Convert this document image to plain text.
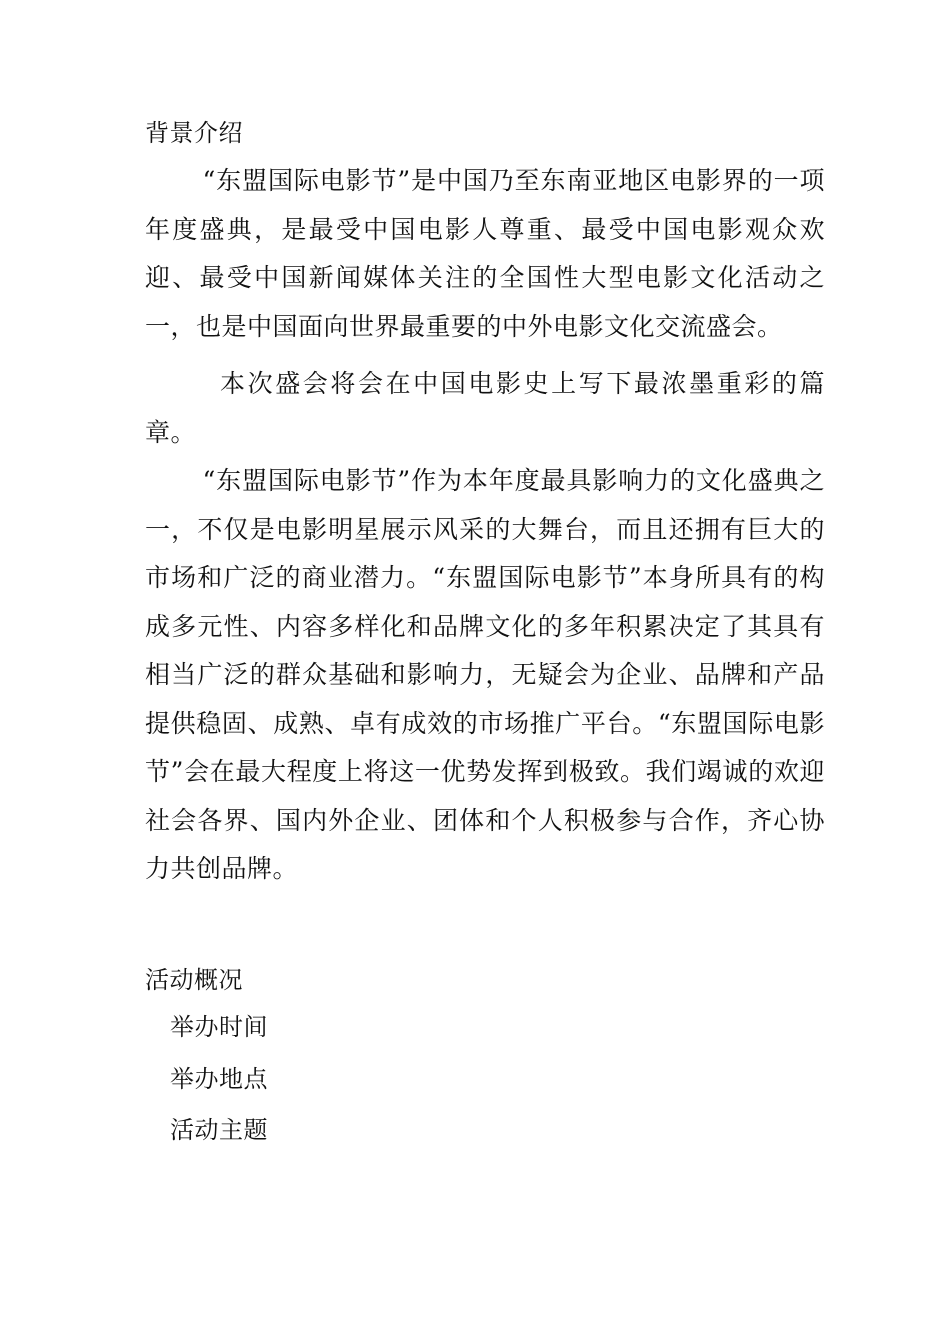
背景介绍

“东盟国际电影节”是中国乃至东南亚地区电影界的一项年度盛典，是最受中国电影人尊重、最受中国电影观众欢迎、最受中国新闻媒体关注的全国性大型电影文化活动之一，也是中国面向世界最重要的中外电影文化交流盛会。

本次盛会将会在中国电影史上写下最浓墨重彩的篇章。

“东盟国际电影节”作为本年度最具影响力的文化盛典之一，不仅是电影明星展示风采的大舞台，而且还拥有巨大的市场和广泛的商业潜力。“东盟国际电影节”本身所具有的构成多元性、内容多样化和品牌文化的多年积累决定了其具有相当广泛的群众基础和影响力，无疑会为企业、品牌和产品提供稳固、成熟、卓有成效的市场推广平台。“东盟国际电影节”会在最大程度上将这一优势发挥到极致。我们竭诚的欢迎社会各界、国内外企业、团体和个人积极参与合作，齐心协力共创品牌。

活动概况
举办时间
举办地点
活动主题
